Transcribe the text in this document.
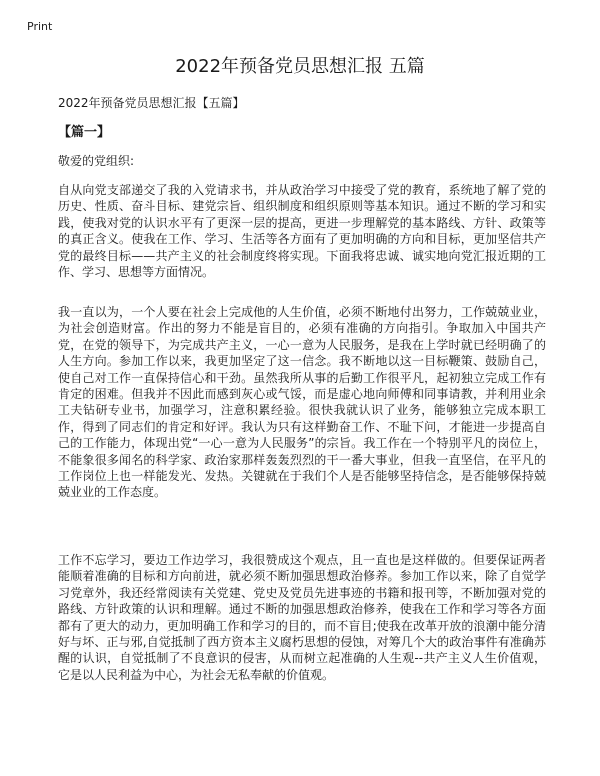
Print
2022年预备党员思想汇报 五篇
2022年预备党员思想汇报【五篇】
【篇一】
敬爱的党组织:

自从向党支部递交了我的入党请求书，并从政治学习中接受了党的教育，系统地了解了党的历史、性质、奋斗目标、建党宗旨、组织制度和组织原则等基本知识。通过不断的学习和实践，使我对党的认识水平有了更深一层的提高，更进一步理解党的基本路线、方针、政策等的真正含义。使我在工作、学习、生活等各方面有了更加明确的方向和目标，更加坚信共产党的最终目标——共产主义的社会制度终将实现。下面我将忠诚、诚实地向党汇报近期的工作、学习、思想等方面情况。

我一直以为，一个人要在社会上完成他的人生价值，必须不断地付出努力，工作兢兢业业，为社会创造财富。作出的努力不能是盲目的，必须有准确的方向指引。争取加入中国共产党，在党的领导下，为完成共产主义，一心一意为人民服务，是我在上学时就已经明确了的人生方向。参加工作以来，我更加坚定了这一信念。我不断地以这一目标鞭策、鼓励自己，使自己对工作一直保持信心和干劲。虽然我所从事的后勤工作很平凡，起初独立完成工作有肯定的困难。但我并不因此而感到灰心或气馁，而是虚心地向师傅和同事请教，并利用业余工夫钻研专业书，加强学习，注意积累经验。很快我就认识了业务，能够独立完成本职工作，得到了同志们的肯定和好评。我认为只有这样勤奋工作、不耻下问，才能进一步提高自己的工作能力，体现出党“一心一意为人民服务”的宗旨。我工作在一个特别平凡的岗位上，不能象很多闻名的科学家、政治家那样轰轰烈烈的干一番大事业，但我一直坚信，在平凡的工作岗位上也一样能发光、发热。关键就在于我们个人是否能够坚持信念，是否能够保持兢兢业业的工作态度。

工作不忘学习，要边工作边学习，我很赞成这个观点，且一直也是这样做的。但要保证两者能顺着准确的目标和方向前进，就必须不断加强思想政治修养。参加工作以来，除了自觉学习党章外，我还经常阅读有关党建、党史及党员先进事迹的书籍和报刊等，不断加强对党的路线、方针政策的认识和理解。通过不断的加强思想政治修养，使我在工作和学习等各方面都有了更大的动力，更加明确工作和学习的目的，而不盲目;使我在改革开放的浪潮中能分清好与坏、正与邪,自觉抵制了西方资本主义腐朽思想的侵蚀，对筹几个大的政治事件有准确苏醒的认识，自觉抵制了不良意识的侵害，从而树立起准确的人生观--共产主义人生价值观，它是以人民利益为中心，为社会无私奉献的价值观。
